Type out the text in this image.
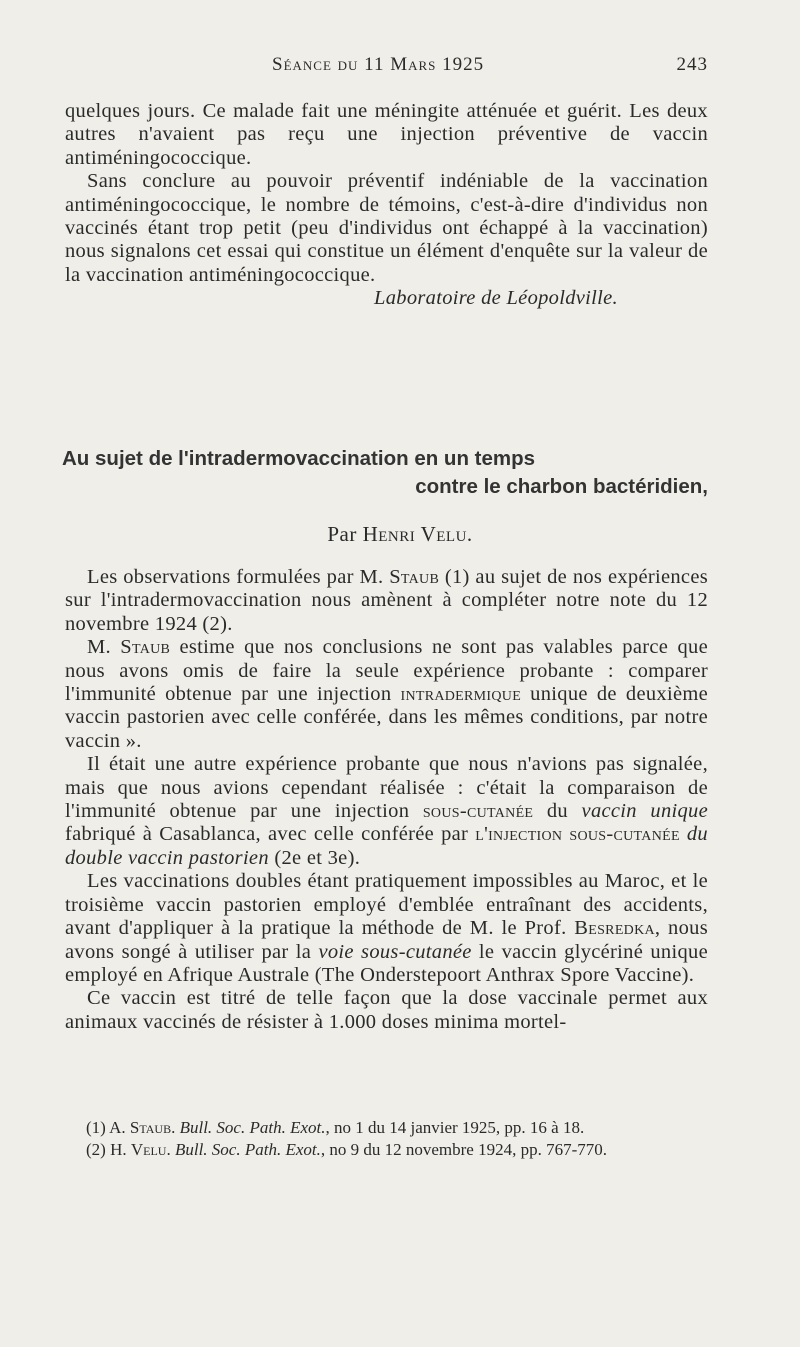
Séance du 11 Mars 1925	243

quelques jours. Ce malade fait une méningite atténuée et guérit. Les deux autres n'avaient pas reçu une injection préventive de vaccin antiméningococcique.

Sans conclure au pouvoir préventif indéniable de la vaccination antiméningococcique, le nombre de témoins, c'est-à-dire d'individus non vaccinés étant trop petit (peu d'individus ont échappé à la vaccination) nous signalons cet essai qui constitue un élément d'enquête sur la valeur de la vaccination antiméningococcique.

Laboratoire de Léopoldville.

Au sujet de l'intradermovaccination en un temps
contre le charbon bactéridien,
Par Henri Velu.

Les observations formulées par M. Staub (1) au sujet de nos expériences sur l'intradermovaccination nous amènent à compléter notre note du 12 novembre 1924 (2).

M. Staub estime que nos conclusions ne sont pas valables parce que nous avons omis de faire la seule expérience probante : comparer l'immunité obtenue par une injection intradermique unique de deuxième vaccin pastorien avec celle conférée, dans les mêmes conditions, par notre vaccin ».

Il était une autre expérience probante que nous n'avions pas signalée, mais que nous avions cependant réalisée : c'était la comparaison de l'immunité obtenue par une injection sous-cutanée du vaccin unique fabriqué à Casablanca, avec celle conférée par l'injection sous-cutanée du double vaccin pastorien (2e et 3e).

Les vaccinations doubles étant pratiquement impossibles au Maroc, et le troisième vaccin pastorien employé d'emblée entraînant des accidents, avant d'appliquer à la pratique la méthode de M. le Prof. Besredka, nous avons songé à utiliser par la voie sous-cutanée le vaccin glycériné unique employé en Afrique Australe (The Onderstepoort Anthrax Spore Vaccine).

Ce vaccin est titré de telle façon que la dose vaccinale permet aux animaux vaccinés de résister à 1.000 doses minima mortel-

(1) A. Staub. Bull. Soc. Path. Exot., no 1 du 14 janvier 1925, pp. 16 à 18.

(2) H. Velu. Bull. Soc. Path. Exot., no 9 du 12 novembre 1924, pp. 767-770.
